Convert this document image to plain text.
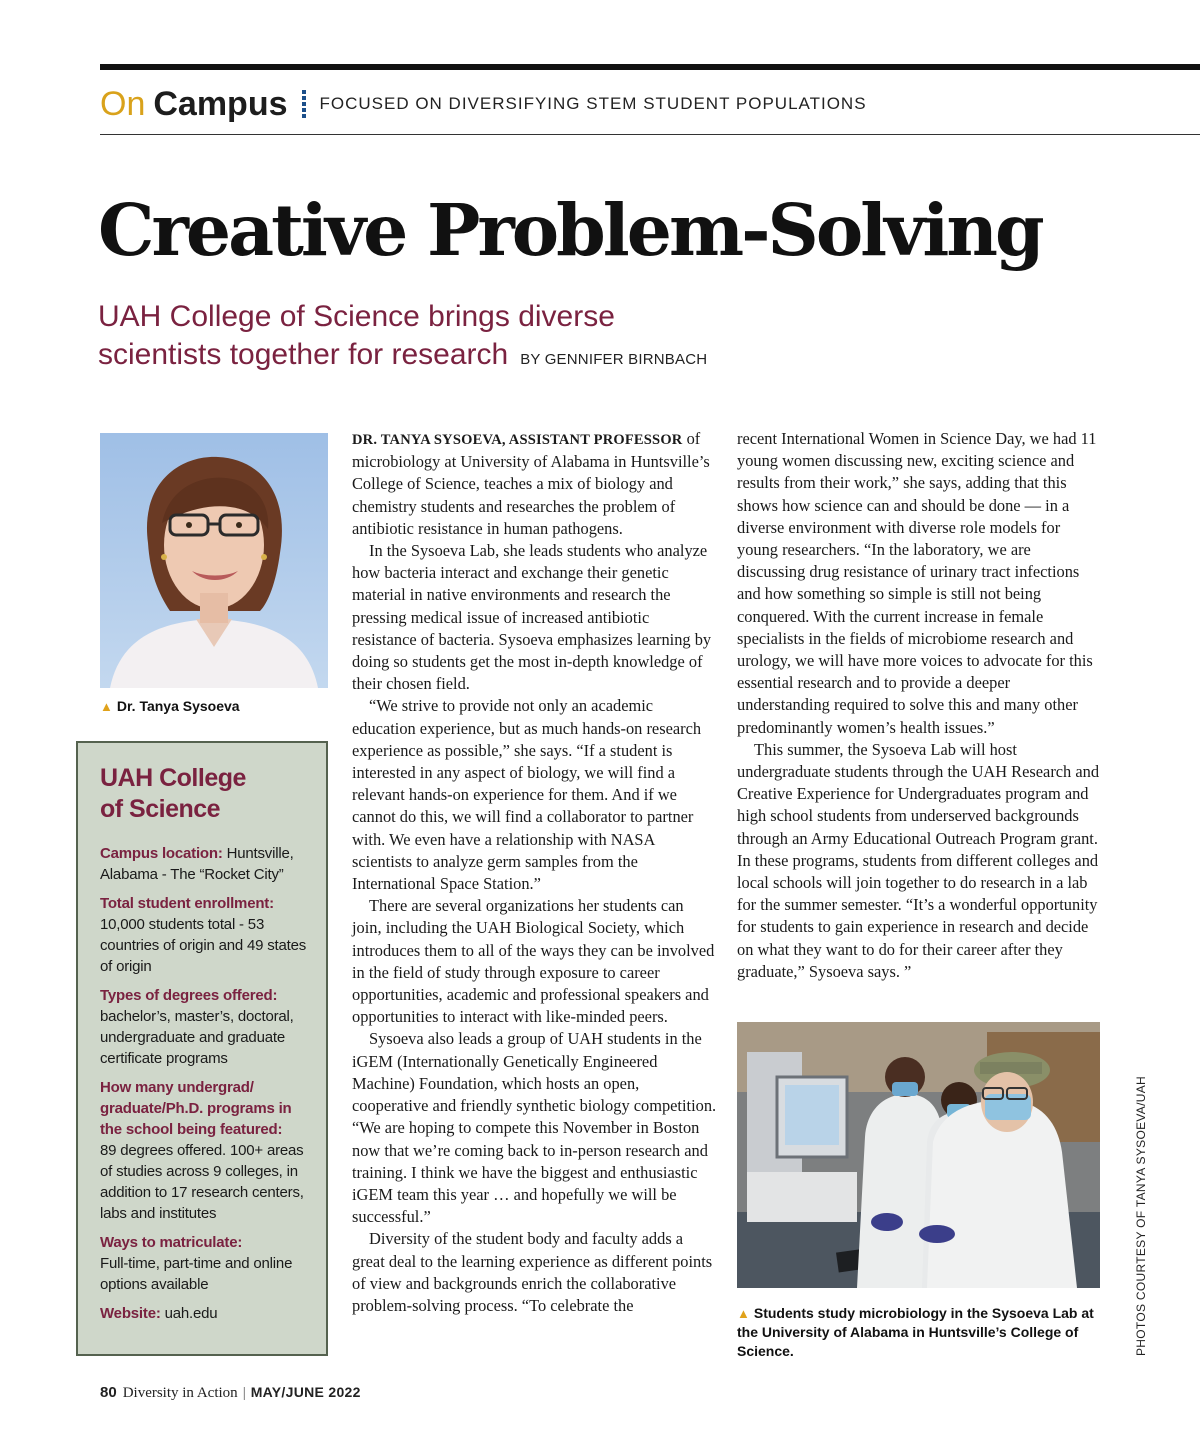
On Campus FOCUSED ON DIVERSIFYING STEM STUDENT POPULATIONS
Creative Problem-Solving
UAH College of Science brings diverse
scientists together for research BY GENNIFER BIRNBACH
▲ Dr. Tanya Sysoeva
UAH College
of Science
Campus location: Huntsville, Alabama - The “Rocket City”
Total student enrollment:
10,000 students total - 53 countries of origin and 49 states of origin
Types of degrees offered:
bachelor’s, master’s, doctoral, undergraduate and graduate certificate programs
How many undergrad/ graduate/Ph.D. programs in the school being featured:
89 degrees offered. 100+ areas of studies across 9 colleges, in addition to 17 research centers, labs and institutes
Ways to matriculate:
Full-time, part-time and online options available
Website: uah.edu

DR. TANYA SYSOEVA, ASSISTANT PROFESSOR of microbiology at University of Alabama in Huntsville’s College of Science, teaches a mix of biology and chemistry students and researches the problem of antibiotic resistance in human pathogens.

In the Sysoeva Lab, she leads students who analyze how bacteria interact and exchange their genetic material in native environments and research the pressing medical issue of increased antibiotic resistance of bacteria. Sysoeva emphasizes learning by doing so students get the most in-depth knowledge of their chosen field.

“We strive to provide not only an academic education experience, but as much hands-on research experience as possible,” she says. “If a student is interested in any aspect of biology, we will find a relevant hands-on experience for them. And if we cannot do this, we will find a collaborator to partner with. We even have a relationship with NASA scientists to analyze germ samples from the International Space Station.”

There are several organizations her students can join, including the UAH Biological Society, which introduces them to all of the ways they can be involved in the field of study through exposure to career opportunities, academic and professional speakers and opportunities to interact with like-minded peers.

Sysoeva also leads a group of UAH students in the iGEM (Internationally Genetically Engineered Machine) Foundation, which hosts an open, cooperative and friendly synthetic biology competition. “We are hoping to compete this November in Boston now that we’re coming back to in-person research and training. I think we have the biggest and enthusiastic iGEM team this year … and hopefully we will be successful.”

Diversity of the student body and faculty adds a great deal to the learning experience as different points of view and backgrounds enrich the collaborative problem-solving process. “To celebrate the

recent International Women in Science Day, we had 11 young women discussing new, exciting science and results from their work,” she says, adding that this shows how science can and should be done — in a diverse environment with diverse role models for young researchers. “In the laboratory, we are discussing drug resistance of urinary tract infections and how something so simple is still not being conquered. With the current increase in female specialists in the fields of microbiome research and urology, we will have more voices to advocate for this essential research and to provide a deeper understanding required to solve this and many other predominantly women’s health issues.”

This summer, the Sysoeva Lab will host undergraduate students through the UAH Research and Creative Experience for Undergraduates program and high school students from underserved backgrounds through an Army Educational Outreach Program grant. In these programs, students from different colleges and local schools will join together to do research in a lab for the summer semester. “It’s a wonderful opportunity for students to gain experience in research and decide on what they want to do for their career after they graduate,” Sysoeva says. ”

▲ Students study microbiology in the Sysoeva Lab at the University of Alabama in Huntsville’s College of Science.	PHOTOS COURTESY OF TANYA SYSOEVA/UAH
80 Diversity in Action | MAY/JUNE 2022
